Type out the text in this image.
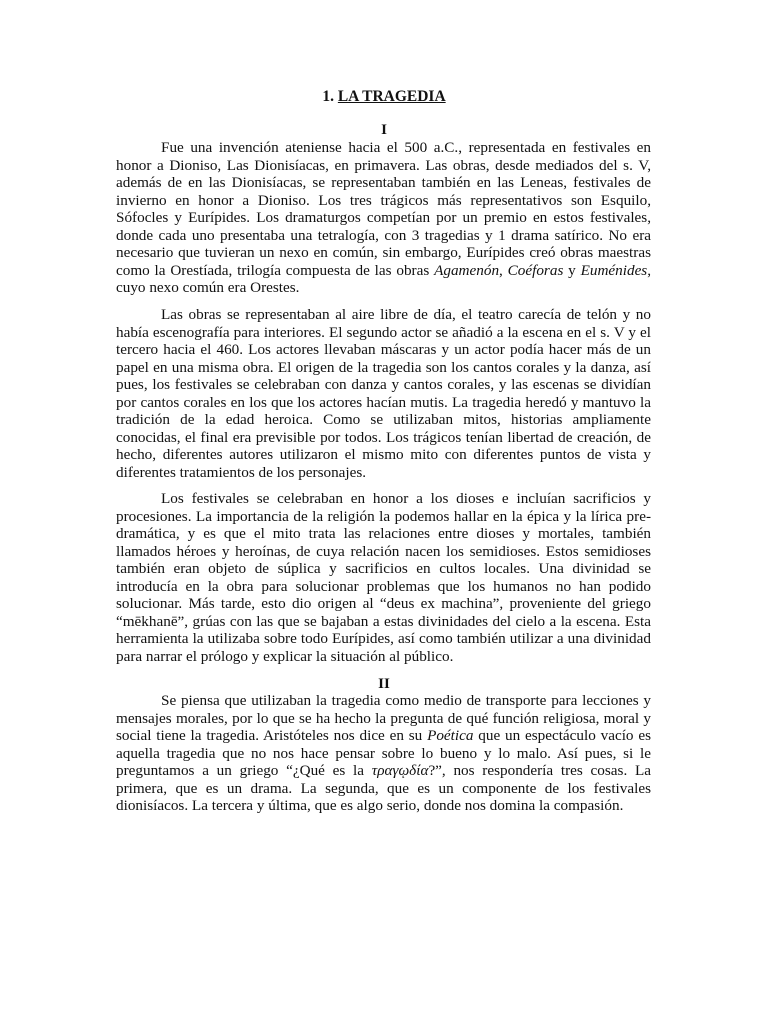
1. LA TRAGEDIA
I

Fue una invención ateniense hacia el 500 a.C., representada en festivales en honor a Dioniso, Las Dionisíacas, en primavera. Las obras, desde mediados del s. V, además de en las Dionisíacas, se representaban también en las Leneas, festivales de invierno en honor a Dioniso. Los tres trágicos más representativos son Esquilo, Sófocles y Eurípides. Los dramaturgos competían por un premio en estos festivales, donde cada uno presentaba una tetralogía, con 3 tragedias y 1 drama satírico. No era necesario que tuvieran un nexo en común, sin embargo, Eurípides creó obras maestras como la Orestíada, trilogía compuesta de las obras Agamenón, Coéforas y Euménides, cuyo nexo común era Orestes.

Las obras se representaban al aire libre de día, el teatro carecía de telón y no había escenografía para interiores. El segundo actor se añadió a la escena en el s. V y el tercero hacia el 460. Los actores llevaban máscaras y un actor podía hacer más de un papel en una misma obra. El origen de la tragedia son los cantos corales y la danza, así pues, los festivales se celebraban con danza y cantos corales, y las escenas se dividían por cantos corales en los que los actores hacían mutis. La tragedia heredó y mantuvo la tradición de la edad heroica. Como se utilizaban mitos, historias ampliamente conocidas, el final era previsible por todos. Los trágicos tenían libertad de creación, de hecho, diferentes autores utilizaron el mismo mito con diferentes puntos de vista y diferentes tratamientos de los personajes.

Los festivales se celebraban en honor a los dioses e incluían sacrificios y procesiones. La importancia de la religión la podemos hallar en la épica y la lírica pre-dramática, y es que el mito trata las relaciones entre dioses y mortales, también llamados héroes y heroínas, de cuya relación nacen los semidioses. Estos semidioses también eran objeto de súplica y sacrificios en cultos locales. Una divinidad se introducía en la obra para solucionar problemas que los humanos no han podido solucionar. Más tarde, esto dio origen al “deus ex machina”, proveniente del griego “mēkhanē”, grúas con las que se bajaban a estas divinidades del cielo a la escena. Esta herramienta la utilizaba sobre todo Eurípides, así como también utilizar a una divinidad para narrar el prólogo y explicar la situación al público.

II

Se piensa que utilizaban la tragedia como medio de transporte para lecciones y mensajes morales, por lo que se ha hecho la pregunta de qué función religiosa, moral y social tiene la tragedia. Aristóteles nos dice en su Poética que un espectáculo vacío es aquella tragedia que no nos hace pensar sobre lo bueno y lo malo. Así pues, si le preguntamos a un griego “¿Qué es la τραγῳδία?”, nos respondería tres cosas. La primera, que es un drama. La segunda, que es un componente de los festivales dionisíacos. La tercera y última, que es algo serio, donde nos domina la compasión.
